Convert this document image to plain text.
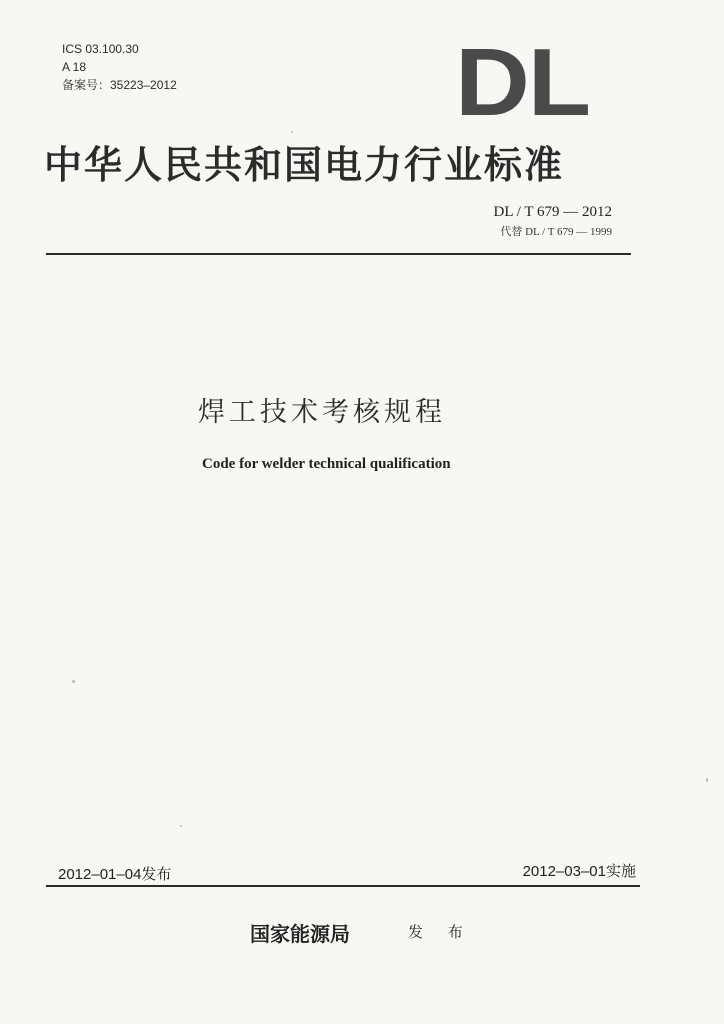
ICS 03.100.30
A 18
备案号：35223–2012	DL
中华人民共和国电力行业标准
DL / T 679 — 2012
代替 DL / T 679 — 1999
焊工技术考核规程
Code for welder technical qualification
2012–01–04发布	2012–03–01实施
国家能源局	发 布
